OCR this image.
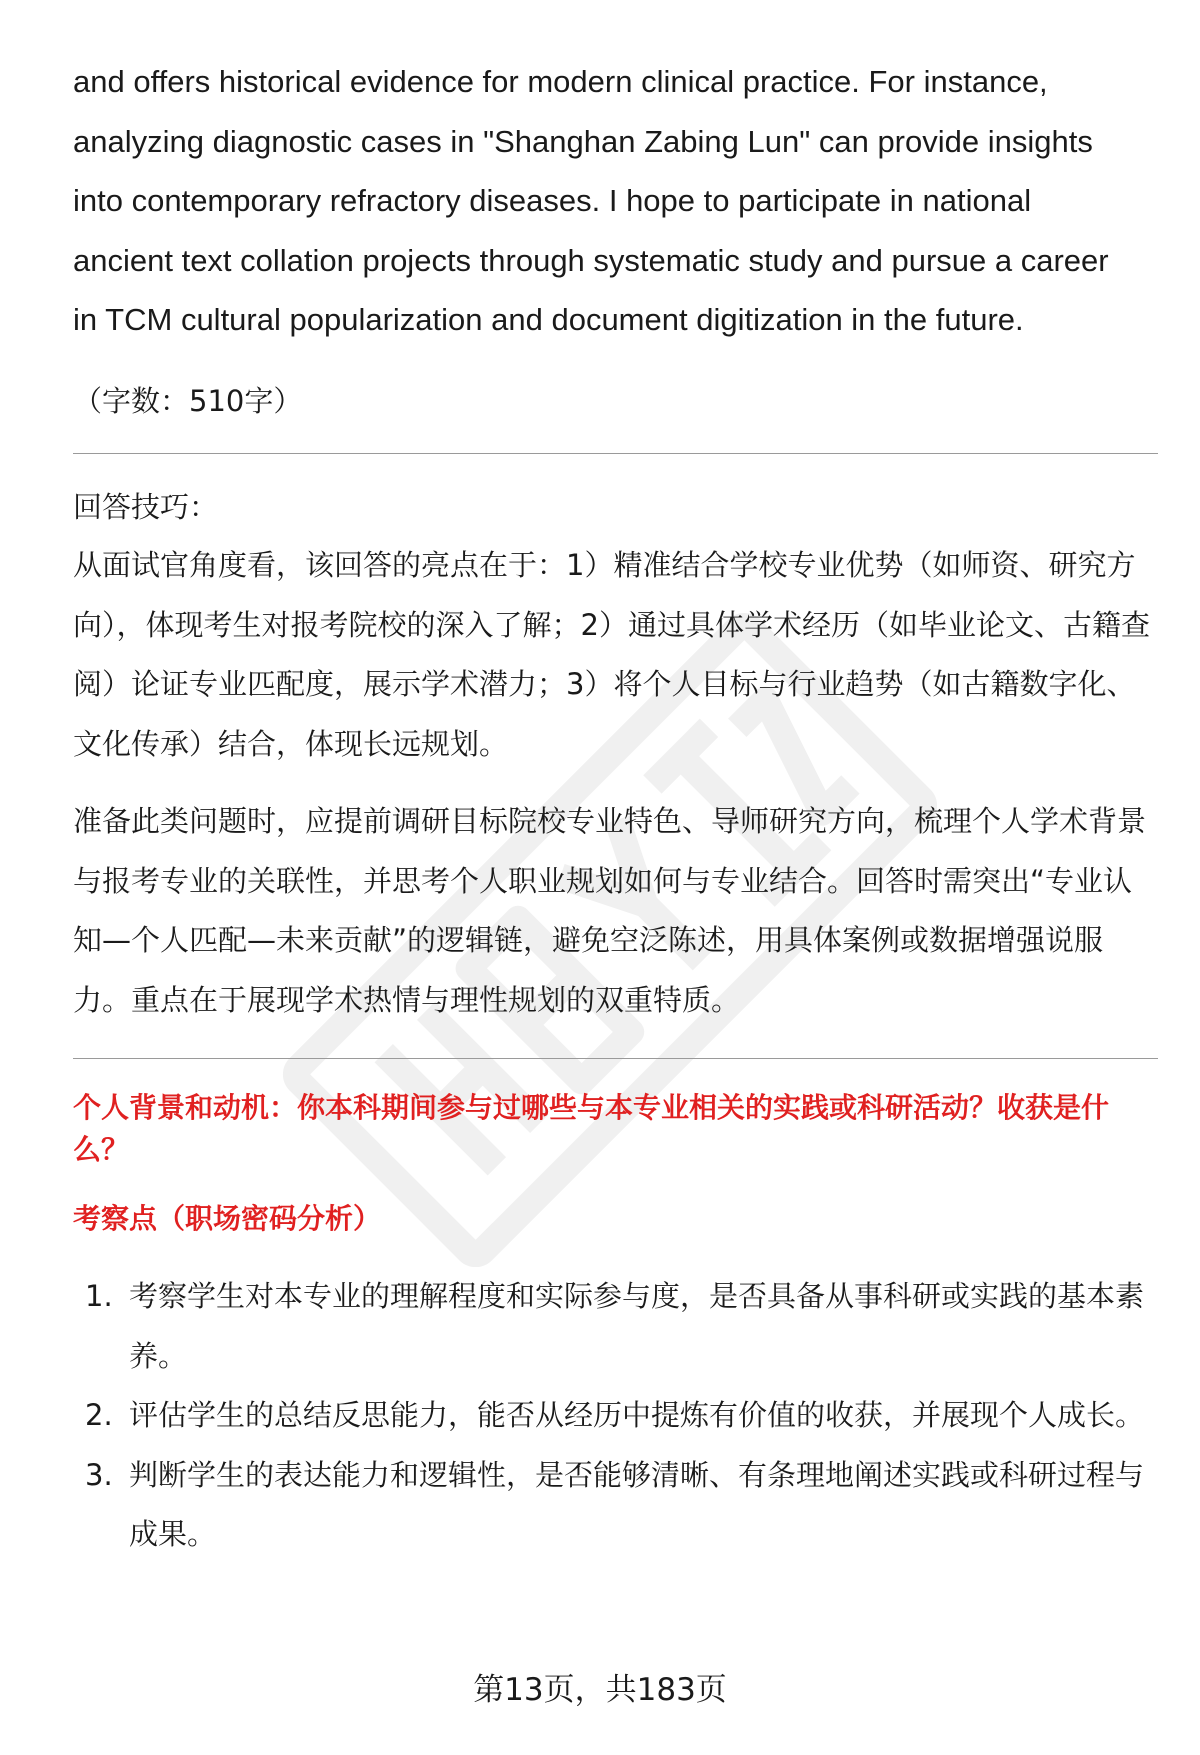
and offers historical evidence for modern clinical practice. For instance,

analyzing diagnostic cases in "Shanghan Zabing Lun" can provide insights

into contemporary refractory diseases. I hope to participate in national

ancient text collation projects through systematic study and pursue a career

in TCM cultural popularization and document digitization in the future.

（字数：510字）

回答技巧：

从面试官角度看，该回答的亮点在于：1）精准结合学校专业优势（如师资、研究方向），体现考生对报考院校的深入了解；2）通过具体学术经历（如毕业论文、古籍查阅）论证专业匹配度，展示学术潜力；3）将个人目标与行业趋势（如古籍数字化、文化传承）结合，体现长远规划。

准备此类问题时，应提前调研目标院校专业特色、导师研究方向，梳理个人学术背景与报考专业的关联性，并思考个人职业规划如何与专业结合。回答时需突出“专业认知—个人匹配—未来贡献”的逻辑链，避免空泛陈述，用具体案例或数据增强说服力。重点在于展现学术热情与理性规划的双重特质。

个人背景和动机：你本科期间参与过哪些与本专业相关的实践或科研活动？收获是什么？

考察点（职场密码分析）

1. 考察学生对本专业的理解程度和实际参与度，是否具备从事科研或实践的基本素养。
2. 评估学生的总结反思能力，能否从经历中提炼有价值的收获，并展现个人成长。
3. 判断学生的表达能力和逻辑性，是否能够清晰、有条理地阐述实践或科研过程与成果。
第13页，共183页
